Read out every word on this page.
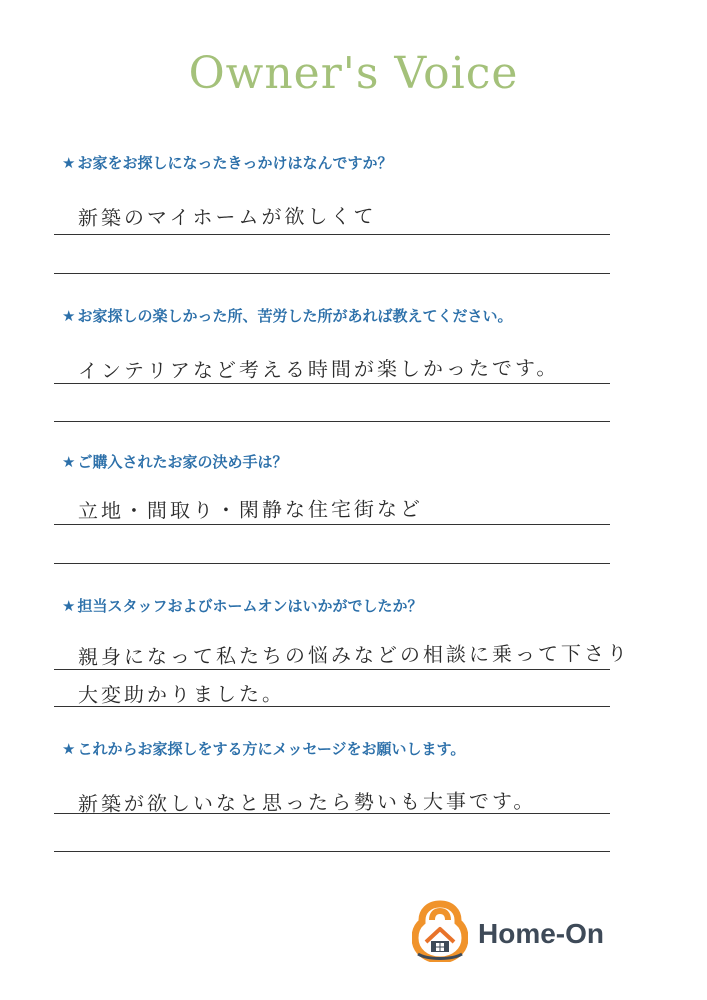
Owner's Voice
★ お家をお探しになったきっかけはなんですか？
新築のマイホームが欲しくて
★ お家探しの楽しかった所、苦労した所があれば教えてください。
インテリアなど考える時間が楽しかったです。
★ ご購入されたお家の決め手は？
立地・間取り・閑静な住宅街など
★ 担当スタッフおよびホームオンはいかがでしたか？
親身になって私たちの悩みなどの相談に乗って下さり
大変助かりました。
★ これからお家探しをする方にメッセージをお願いします。
新築が欲しいなと思ったら勢いも大事です。
Home-On
